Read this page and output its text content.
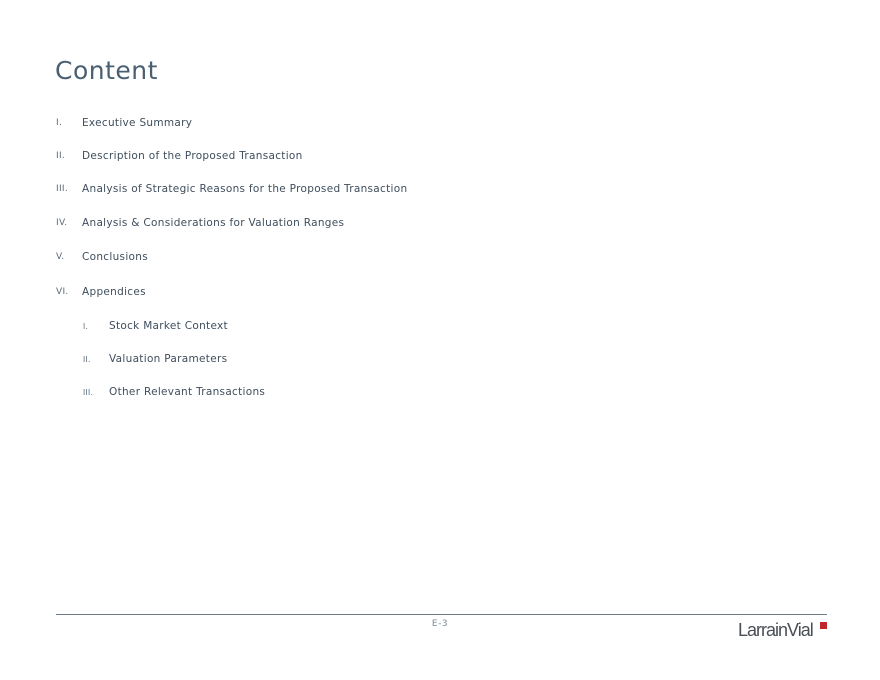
Content
I. Executive Summary
II. Description of the Proposed Transaction
III. Analysis of Strategic Reasons for the Proposed Transaction
IV. Analysis & Considerations for Valuation Ranges
V. Conclusions
VI. Appendices
I. Stock Market Context
II. Valuation Parameters
III. Other Relevant Transactions
E-3	LarrainVial
